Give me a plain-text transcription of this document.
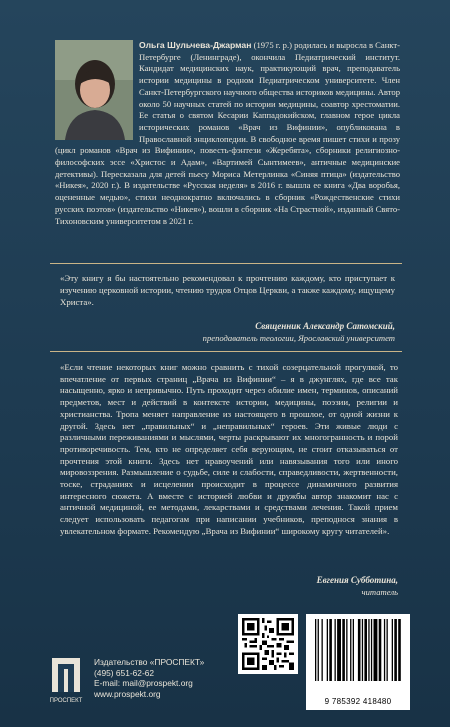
Ольга Шульчева-Джарман (1975 г. р.) родилась и выросла в Санкт-Петербурге (Ленинграде), окончила Педиатрический институт. Кандидат медицинских наук, практикующий врач, преподаватель истории медицины в родном Педиатрическом университете. Член Санкт-Петербургского научного общества историков медицины. Автор около 50 научных статей по истории медицины, соавтор хрестоматии. Ее статья о святом Кесарии Каппадокийском, главном герое цикла исторических романов «Врач из Вифинии», опубликована в Православной энциклопедии. В свободное время пишет стихи и прозу (цикл романов «Врач из Вифинии», повесть-фэнтези «Жеребята», сборники религиозно-философских эссе «Христос и Адам», «Вартимей Сынтимеев», античные медицинские детективы). Пересказала для детей пьесу Мориса Метерлинка «Синяя птица» (издательство «Никея», 2020 г.). В издательстве «Русская неделя» в 2016 г. вышла ее книга «Два воробья, оцененные медью», стихи неоднократно включались в сборник «Рождественские стихи русских поэтов» (издательство «Никея»), вошли в сборник «На Страстной», изданный Свято-Тихоновским университетом в 2021 г.

«Эту книгу я бы настоятельно рекомендовал к прочтению каждому, кто приступает к изучению церковной истории, чтению трудов Отцов Церкви, а также каждому, ищущему Христа».

Священник Александр Сатомский,
преподаватель теологии, Ярославский университет

«Если чтение некоторых книг можно сравнить с тихой созерцательной прогулкой, то впечатление от первых страниц „Врача из Вифинии“ – я в джунглях, где все так насыщенно, ярко и непривычно. Путь проходит через обилие имен, терминов, описаний предметов, мест и действий в контексте истории, медицины, поэзии, религии и христианства. Тропа меняет направление из настоящего в прошлое, от одной жизни к другой. Здесь нет „правильных“ и „неправильных“ героев. Эти живые люди с различными переживаниями и мыслями, черты раскрывают их многогранность и порой противоречивость. Тем, кто не определяет себя верующим, не стоит отказываться от прочтения этой книги. Здесь нет нравоучений или навязывания того или иного мировоззрения. Размышление о судьбе, силе и слабости, справедливости, жертвенности, тоске, страданиях и исцелении происходит в процессе динамичного развития интересного сюжета. А вместе с историей любви и дружбы автор знакомит нас с античной медициной, ее методами, лекарствами и средствами лечения. Такой прием следует использовать педагогам при написании учебников, преподнося знания в увлекательном формате. Рекомендую „Врача из Вифинии“ широкому кругу читателей».

Евгения Субботина,
читатель
ПРОСПЕКТ
Издательство «ПРОСПЕКТ»
(495) 651-62-62
E-mail: mail@prospekt.org
www.prospekt.org
9 785392 418480
